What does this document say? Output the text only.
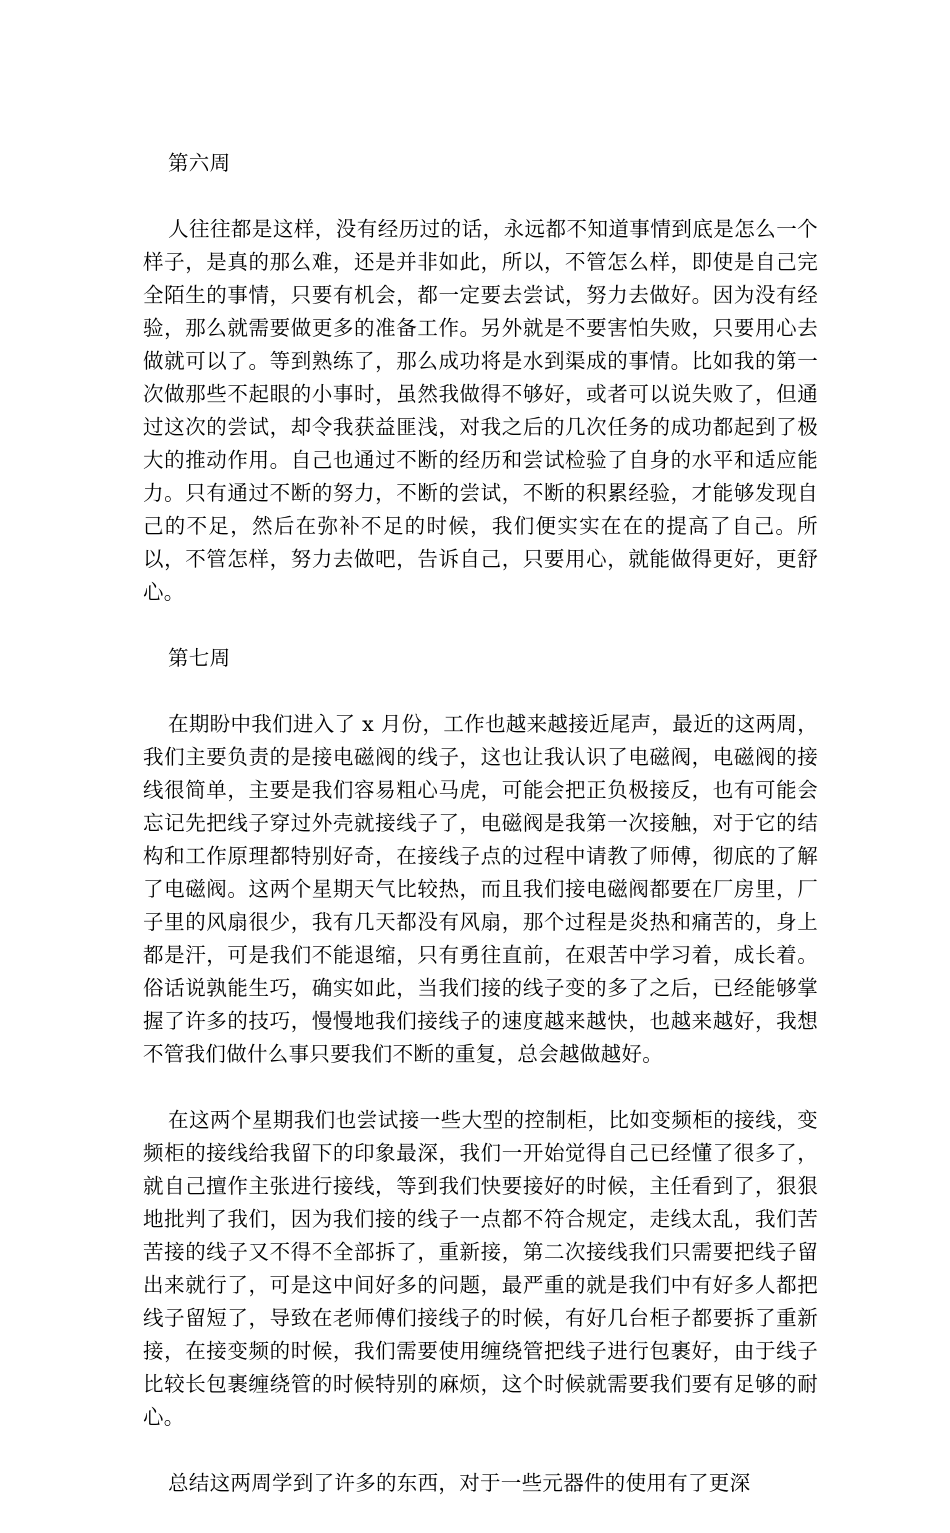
第六周

人往往都是这样，没有经历过的话，永远都不知道事情到底是怎么一个样子，是真的那么难，还是并非如此，所以，不管怎么样，即使是自己完全陌生的事情，只要有机会，都一定要去尝试，努力去做好。因为没有经验，那么就需要做更多的准备工作。另外就是不要害怕失败，只要用心去做就可以了。等到熟练了，那么成功将是水到渠成的事情。比如我的第一次做那些不起眼的小事时，虽然我做得不够好，或者可以说失败了，但通过这次的尝试，却令我获益匪浅，对我之后的几次任务的成功都起到了极大的推动作用。自己也通过不断的经历和尝试检验了自身的水平和适应能力。只有通过不断的努力，不断的尝试，不断的积累经验，才能够发现自己的不足，然后在弥补不足的时候，我们便实实在在的提高了自己。所以，不管怎样，努力去做吧，告诉自己，只要用心，就能做得更好，更舒心。

第七周

在期盼中我们进入了 x 月份，工作也越来越接近尾声，最近的这两周，我们主要负责的是接电磁阀的线子，这也让我认识了电磁阀，电磁阀的接线很简单，主要是我们容易粗心马虎，可能会把正负极接反，也有可能会忘记先把线子穿过外壳就接线子了，电磁阀是我第一次接触，对于它的结构和工作原理都特别好奇，在接线子点的过程中请教了师傅，彻底的了解了电磁阀。这两个星期天气比较热，而且我们接电磁阀都要在厂房里，厂子里的风扇很少，我有几天都没有风扇，那个过程是炎热和痛苦的，身上都是汗，可是我们不能退缩，只有勇往直前，在艰苦中学习着，成长着。俗话说孰能生巧，确实如此，当我们接的线子变的多了之后，已经能够掌握了许多的技巧，慢慢地我们接线子的速度越来越快，也越来越好，我想不管我们做什么事只要我们不断的重复，总会越做越好。

在这两个星期我们也尝试接一些大型的控制柜，比如变频柜的接线，变频柜的接线给我留下的印象最深，我们一开始觉得自己已经懂了很多了，就自己擅作主张进行接线，等到我们快要接好的时候，主任看到了，狠狠地批判了我们，因为我们接的线子一点都不符合规定，走线太乱，我们苦苦接的线子又不得不全部拆了，重新接，第二次接线我们只需要把线子留出来就行了，可是这中间好多的问题，最严重的就是我们中有好多人都把线子留短了，导致在老师傅们接线子的时候，有好几台柜子都要拆了重新接，在接变频的时候，我们需要使用缠绕管把线子进行包裹好，由于线子比较长包裹缠绕管的时候特别的麻烦，这个时候就需要我们要有足够的耐心。

总结这两周学到了许多的东西，对于一些元器件的使用有了更深
